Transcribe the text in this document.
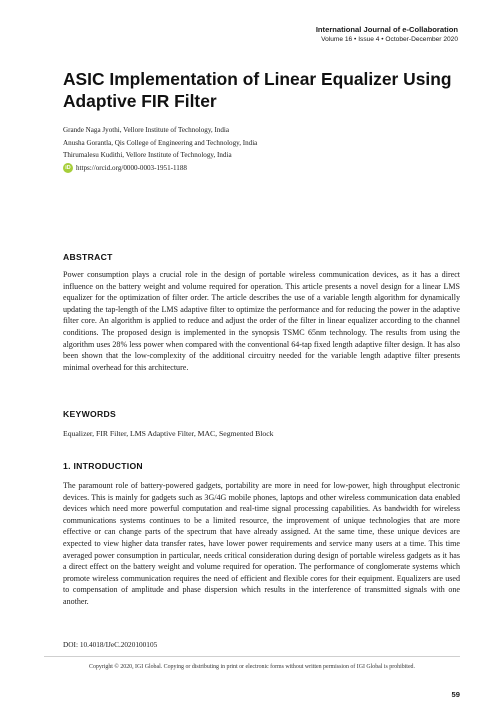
International Journal of e-Collaboration
Volume 16 • Issue 4 • October-December 2020
ASIC Implementation of Linear Equalizer Using Adaptive FIR Filter
Grande Naga Jyothi, Vellore Institute of Technology, India
Anusha Gorantla, Qis College of Engineering and Technology, India
Thirumalesu Kudithi, Vellore Institute of Technology, India
iD https://orcid.org/0000-0003-1951-1188
ABSTRACT

Power consumption plays a crucial role in the design of portable wireless communication devices, as it has a direct influence on the battery weight and volume required for operation. This article presents a novel design for a linear LMS equalizer for the optimization of filter order. The article describes the use of a variable length algorithm for dynamically updating the tap-length of the LMS adaptive filter to optimize the performance and for reducing the power in the adaptive filter core. An algorithm is applied to reduce and adjust the order of the filter in linear equalizer according to the channel conditions. The proposed design is implemented in the synopsis TSMC 65nm technology. The results from using the algorithm uses 28% less power when compared with the conventional 64-tap fixed length adaptive filter design. It has also been shown that the low-complexity of the additional circuitry needed for the variable length adaptive filter presents minimal overhead for this architecture.

KEYWORDS
Equalizer, FIR Filter, LMS Adaptive Filter, MAC, Segmented Block
1. INTRODUCTION

The paramount role of battery-powered gadgets, portability are more in need for low-power, high throughput electronic devices. This is mainly for gadgets such as 3G/4G mobile phones, laptops and other wireless communication data enabled devices which need more powerful computation and real-time signal processing capabilities. As bandwidth for wireless communications systems continues to be a limited resource, the improvement of unique technologies that are more effective or can change parts of the spectrum that have already assigned. At the same time, these unique devices are expected to view higher data transfer rates, have lower power requirements and service many users at a time. This time averaged power consumption in particular, needs critical consideration during design of portable wireless gadgets as it has a direct effect on the battery weight and volume required for operation. The performance of conglomerate systems which promote wireless communication requires the need of efficient and flexible cores for their equipment. Equalizers are used to compensation of amplitude and phase dispersion which results in the interference of transmitted signals with one another.

DOI: 10.4018/IJeC.2020100105
Copyright © 2020, IGI Global. Copying or distributing in print or electronic forms without written permission of IGI Global is prohibited.
59
